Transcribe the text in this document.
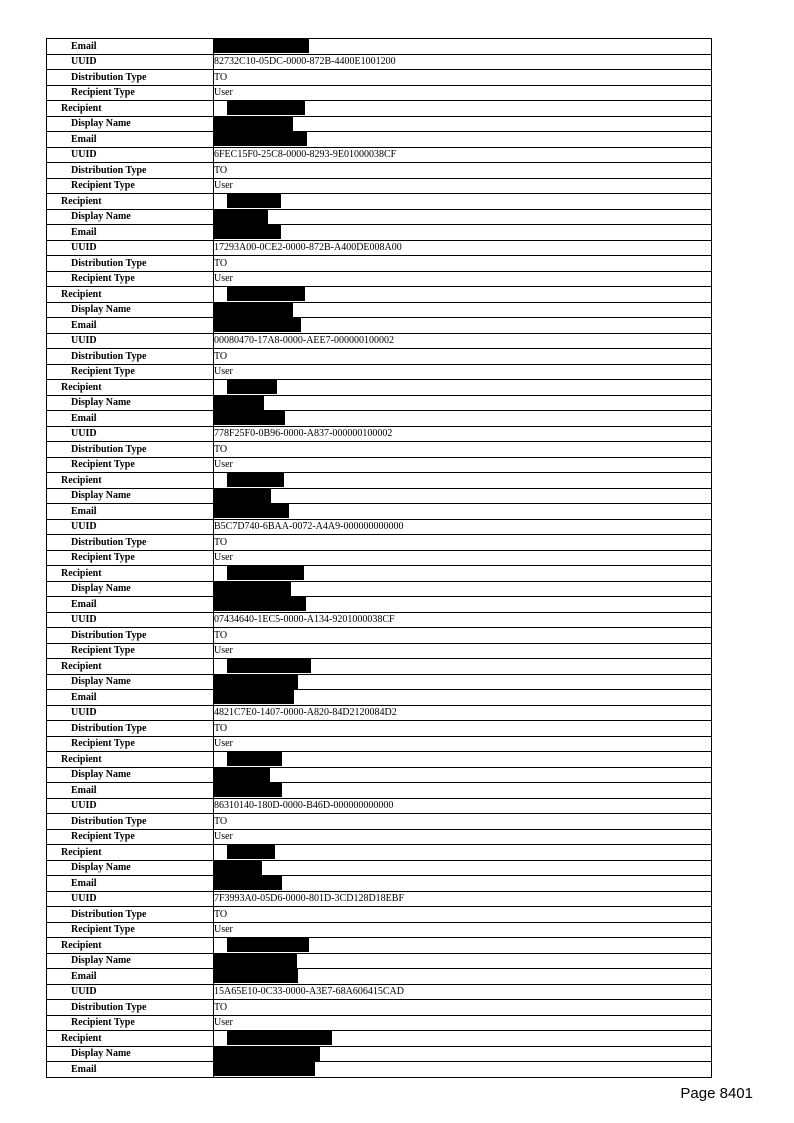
Email	
UUID	82732C10-05DC-0000-872B-4400E1001200
Distribution Type	TO
Recipient Type	User
Recipient	
Display Name	
Email	
UUID	6FEC15F0-25C8-0000-8293-9E01000038CF
Distribution Type	TO
Recipient Type	User
Recipient	
Display Name	
Email	
UUID	17293A00-0CE2-0000-872B-A400DE008A00
Distribution Type	TO
Recipient Type	User
Recipient	
Display Name	
Email	
UUID	00080470-17A8-0000-AEE7-000000100002
Distribution Type	TO
Recipient Type	User
Recipient	
Display Name	
Email	
UUID	778F25F0-0B96-0000-A837-000000100002
Distribution Type	TO
Recipient Type	User
Recipient	
Display Name	
Email	
UUID	B5C7D740-6BAA-0072-A4A9-000000000000
Distribution Type	TO
Recipient Type	User
Recipient	
Display Name	
Email	
UUID	07434640-1EC5-0000-A134-9201000038CF
Distribution Type	TO
Recipient Type	User
Recipient	
Display Name	
Email	
UUID	4821C7E0-1407-0000-A820-84D2120084D2
Distribution Type	TO
Recipient Type	User
Recipient	
Display Name	
Email	
UUID	86310140-180D-0000-B46D-000000000000
Distribution Type	TO
Recipient Type	User
Recipient	
Display Name	
Email	
UUID	7F3993A0-05D6-0000-801D-3CD128D18EBF
Distribution Type	TO
Recipient Type	User
Recipient	
Display Name	
Email	
UUID	15A65E10-0C33-0000-A3E7-68A606415CAD
Distribution Type	TO
Recipient Type	User
Recipient	
Display Name	
Email	
Page 8401
